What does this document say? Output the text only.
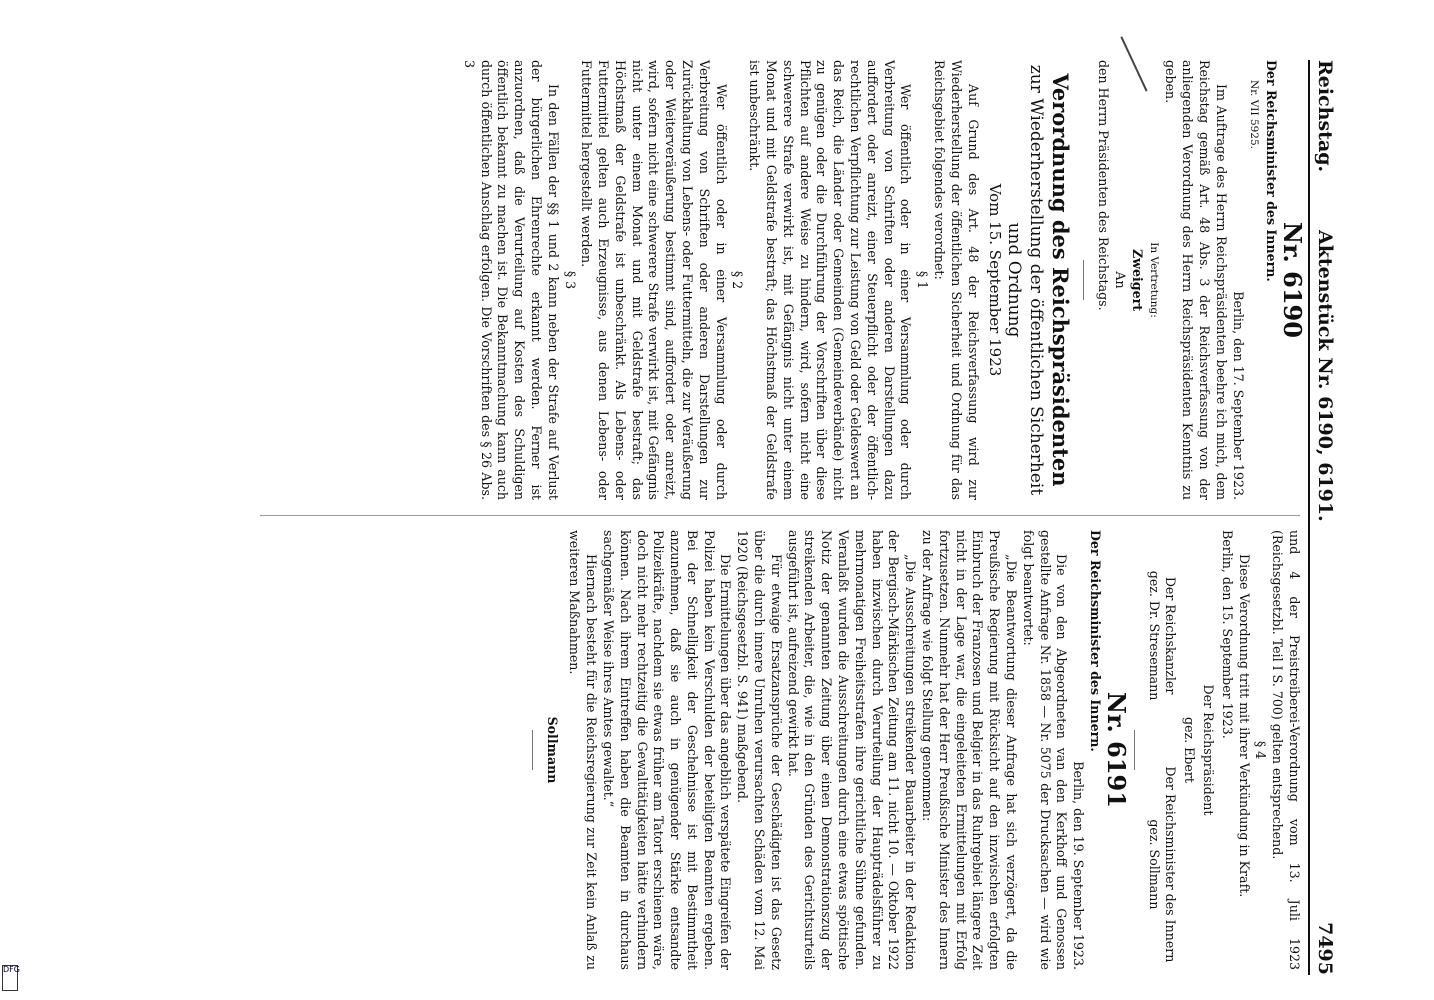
DFG
Reichstag.
Aktenstück Nr. 6190, 6191.
7495
Nr. 6190
Der Reichsminister des Innern.
Nr. VII 5925.
Berlin, den 17. September 1923.

Im Auftrage des Herrn Reichspräsidenten beehre ich mich, dem Reichstag gemäß Art. 48 Abs. 3 der Reichsverfassung von der anliegenden Verordnung des Herrn Reichspräsidenten Kenntnis zu geben.

In Vertretung:
Zweigert
An
den Herrn Präsidenten des Reichstags.
Verordnung des Reichspräsidenten
zur Wiederherstellung der öffentlichen Sicherheit und Ordnung
Vom 15. September 1923

Auf Grund des Art. 48 der Reichsverfassung wird zur Wiederherstellung der öffentlichen Sicherheit und Ordnung für das Reichsgebiet folgendes verordnet:

§ 1

Wer öffentlich oder in einer Versammlung oder durch Verbreitung von Schriften oder anderen Darstellungen dazu auffordert oder anreizt, einer Steuerpflicht oder der öffentlich-rechtlichen Verpflichtung zur Leistung von Geld oder Geldeswert an das Reich, die Länder oder Gemeinden (Gemeindeverbände) nicht zu genügen oder die Durchführung der Vorschriften über diese Pflichten auf andere Weise zu hindern, wird, sofern nicht eine schwerere Strafe verwirkt ist, mit Gefängnis nicht unter einem Monat und mit Geldstrafe bestraft; das Höchstmaß der Geldstrafe ist unbeschränkt.

§ 2

Wer öffentlich oder in einer Versammlung oder durch Verbreitung von Schriften oder anderen Darstellungen zur Zurückhaltung von Lebens- oder Futtermitteln, die zur Veräußerung oder Weiterveräußerung bestimmt sind, auffordert oder anreizt, wird, sofern nicht eine schwerere Strafe verwirkt ist, mit Gefängnis nicht unter einem Monat und mit Geldstrafe bestraft; das Höchstmaß der Geldstrafe ist unbeschränkt. Als Lebens- oder Futtermittel gelten auch Erzeugnisse, aus denen Lebens- oder Futtermittel hergestellt werden.

§ 3

In den Fällen der §§ 1 und 2 kann neben der Strafe auf Verlust der bürgerlichen Ehrenrechte erkannt werden. Ferner ist anzuordnen, daß die Verurteilung auf Kosten des Schuldigen öffentlich bekannt zu machen ist. Die Bekanntmachung kann auch durch öffentlichen Anschlag erfolgen. Die Vorschriften des § 26 Abs. 3

und 4 der Preistreiberei-Verordnung vom 13. Juli 1923 (Reichsgesetzbl. Teil I S. 700) gelten entsprechend.

§ 4

Diese Verordnung tritt mit ihrer Verkündung in Kraft.

Berlin, den 15. September 1923.
Der Reichspräsident
gez. Ebert
Der Reichskanzler
gez. Dr. Stresemann
Der Reichsminister des Innern
gez. Sollmann
Nr. 6191
Der Reichsminister des Innern.
Berlin, den 19. September 1923.

Die von den Abgeordneten van den Kerkhoff und Genossen gestellte Anfrage Nr. 1858 — Nr. 5075 der Drucksachen — wird wie folgt beantwortet:

„Die Beantwortung dieser Anfrage hat sich verzögert, da die Preußische Regierung mit Rücksicht auf den inzwischen erfolgten Einbruch der Franzosen und Belgier in das Ruhrgebiet längere Zeit nicht in der Lage war, die eingeleiteten Ermittelungen mit Erfolg fortzusetzen. Nunmehr hat der Herr Preußische Minister des Innern zu der Anfrage wie folgt Stellung genommen:

„Die Ausschreitungen streikender Bauarbeiter in der Redaktion der Bergisch-Märkischen Zeitung am 11. nicht 10. — Oktober 1922 haben inzwischen durch Verurteilung der Haupträdelsführer zu mehrmonatigen Freiheitsstrafen ihre gerichtliche Sühne gefunden. Veranlaßt wurden die Ausschreitungen durch eine etwas spöttische Notiz der genannten Zeitung über einen Demonstrationszug der streikenden Arbeiter, die, wie in den Gründen des Gerichtsurteils ausgeführt ist, aufreizend gewirkt hat.

Für etwaige Ersatzansprüche der Geschädigten ist das Gesetz über die durch innere Unruhen verursachten Schäden vom 12. Mai 1920 (Reichsgesetzbl. S. 941) maßgebend.

Die Ermittelungen über das angeblich verspätete Eingreifen der Polizei haben kein Verschulden der beteiligten Beamten ergeben. Bei der Schnelligkeit der Geschehnisse ist mit Bestimmtheit anzunehmen, daß sie auch in genügender Stärke entsandte Polizeikräfte, nachdem sie etwas früher am Tatort erschienen wäre, doch nicht mehr rechtzeitig die Gewalttätigkeiten hätte verhindern können. Nach ihrem Eintreffen haben die Beamten in durchaus sachgemäßer Weise ihres Amtes gewaltet.“

Hiernach besteht für die Reichsregierung zur Zeit kein Anlaß zu weiteren Maßnahmen.

Sollmann
